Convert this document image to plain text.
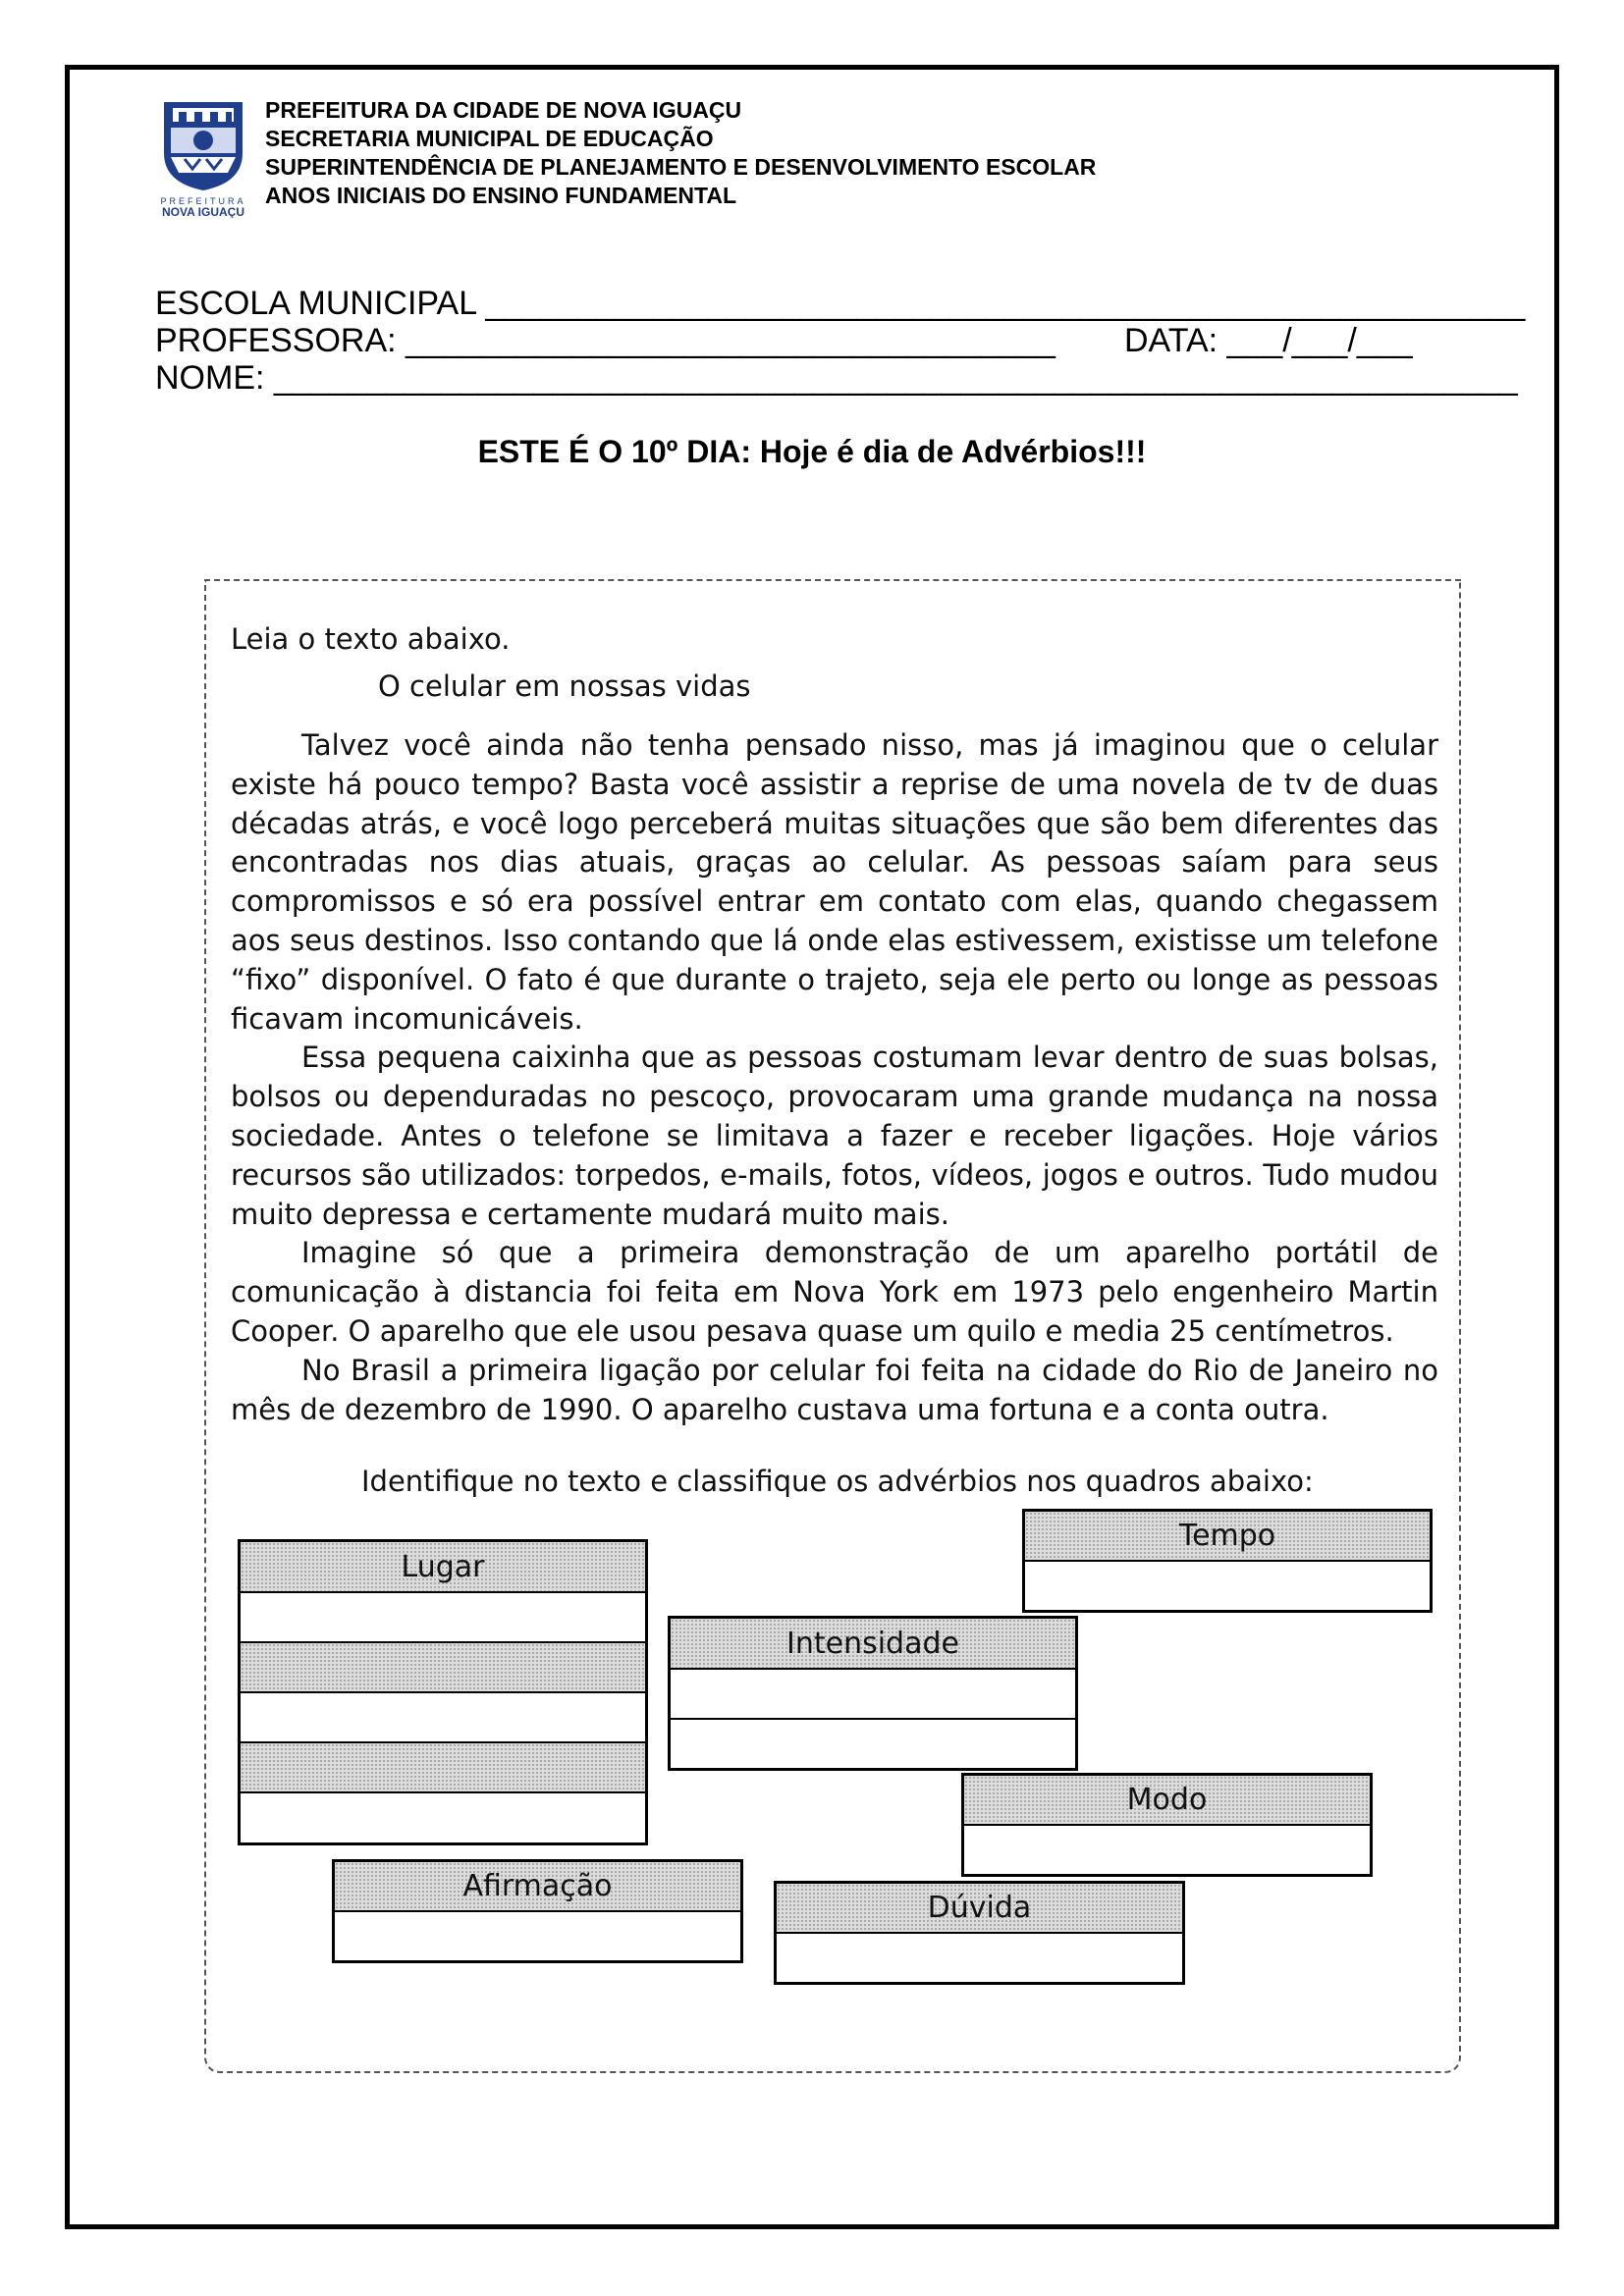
PREFEITURA
NOVA IGUAÇU
PREFEITURA DA CIDADE DE NOVA IGUAÇU
SECRETARIA MUNICIPAL DE EDUCAÇÃO
SUPERINTENDÊNCIA DE PLANEJAMENTO E DESENVOLVIMENTO ESCOLAR
ANOS INICIAIS DO ENSINO FUNDAMENTAL
ESCOLA MUNICIPAL ________________________________________________________
PROFESSORA: ___________________________________ DATA: ___/___/___
NOME: ___________________________________________________________________
ESTE É O 10º DIA: Hoje é dia de Advérbios!!!
Leia o texto abaixo.
O celular em nossas vidas

Talvez você ainda não tenha pensado nisso, mas já imaginou que o celular existe há pouco tempo? Basta você assistir a reprise de uma novela de tv de duas décadas atrás, e você logo perceberá muitas situações que são bem diferentes das encontradas nos dias atuais, graças ao celular. As pessoas saíam para seus compromissos e só era possível entrar em contato com elas, quando chegassem aos seus destinos. Isso contando que lá onde elas estivessem, existisse um telefone “fixo” disponível. O fato é que durante o trajeto, seja ele perto ou longe as pessoas ficavam incomunicáveis.

Essa pequena caixinha que as pessoas costumam levar dentro de suas bolsas, bolsos ou dependuradas no pescoço, provocaram uma grande mudança na nossa sociedade. Antes o telefone se limitava a fazer e receber ligações. Hoje vários recursos são utilizados: torpedos, e-mails, fotos, vídeos, jogos e outros. Tudo mudou muito depressa e certamente mudará muito mais.

Imagine só que a primeira demonstração de um aparelho portátil de comunicação à distancia foi feita em Nova York em 1973 pelo engenheiro Martin Cooper. O aparelho que ele usou pesava quase um quilo e media 25 centímetros.

No Brasil a primeira ligação por celular foi feita na cidade do Rio de Janeiro no mês de dezembro de 1990. O aparelho custava uma fortuna e a conta outra.

Identifique no texto e classifique os advérbios nos quadros abaixo:
Lugar
Tempo
Intensidade
Modo
Afirmação
Dúvida
